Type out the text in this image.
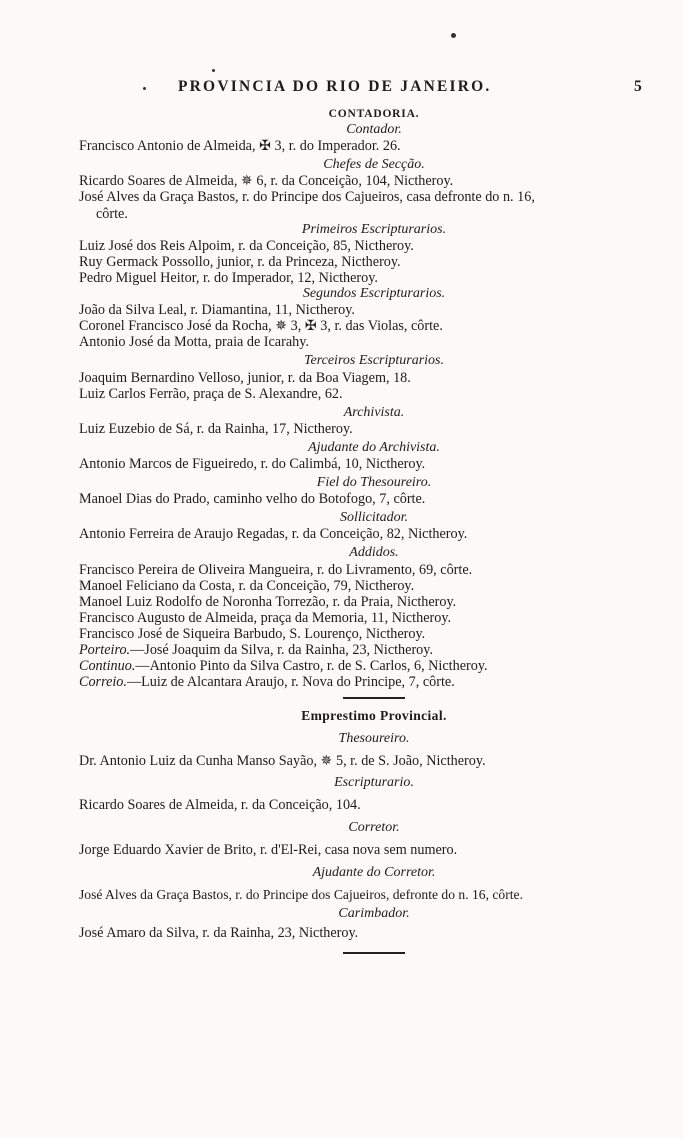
PROVINCIA DO RIO DE JANEIRO.	5
CONTADORIA.
Contador.
Francisco Antonio de Almeida, ✠ 3, r. do Imperador. 26.
Chefes de Secção.
Ricardo Soares de Almeida, ✵ 6, r. da Conceição, 104, Nictheroy.
José Alves da Graça Bastos, r. do Principe dos Cajueiros, casa defronte do n. 16,
côrte.
Primeiros Escripturarios.
Luiz José dos Reis Alpoim, r. da Conceição, 85, Nictheroy.
Ruy Germack Possollo, junior, r. da Princeza, Nictheroy.
Pedro Miguel Heitor, r. do Imperador, 12, Nictheroy.
Segundos Escripturarios.
João da Silva Leal, r. Diamantina, 11, Nictheroy.
Coronel Francisco José da Rocha, ✵ 3, ✠ 3, r. das Violas, côrte.
Antonio José da Motta, praia de Icarahy.
Terceiros Escripturarios.
Joaquim Bernardino Velloso, junior, r. da Boa Viagem, 18.
Luiz Carlos Ferrão, praça de S. Alexandre, 62.
Archivista.
Luiz Euzebio de Sá, r. da Rainha, 17, Nictheroy.
Ajudante do Archivista.
Antonio Marcos de Figueiredo, r. do Calimbá, 10, Nictheroy.
Fiel do Thesoureiro.
Manoel Dias do Prado, caminho velho do Botofogo, 7, côrte.
Sollicitador.
Antonio Ferreira de Araujo Regadas, r. da Conceição, 82, Nictheroy.
Addidos.
Francisco Pereira de Oliveira Manguеira, r. do Livramento, 69, côrte.
Manoel Feliciano da Costa, r. da Conceição, 79, Nictheroy.
Manoel Luiz Rodolfo de Noronha Torrezão, r. da Praia, Nictheroy.
Francisco Augusto de Almeida, praça da Memoria, 11, Nictheroy.
Francisco José de Siqueira Barbudo, S. Lourenço, Nictheroy.
Porteiro.—José Joaquim da Silva, r. da Rainha, 23, Nictheroy.
Continuo.—Antonio Pinto da Silva Castro, r. de S. Carlos, 6, Nictheroy.
Correio.—Luiz de Alcantara Araujo, r. Nova do Principe, 7, côrte.
Emprestimo Provincial.
Thesoureiro.
Dr. Antonio Luiz da Cunha Manso Sayão, ✵ 5, r. de S. João, Nictheroy.
Escripturario.
Ricardo Soares de Almeida, r. da Conceição, 104.
Corretor.
Jorge Eduardo Xavier de Brito, r. d'El-Rei, casa nova sem numero.
Ajudante do Corretor.
José Alves da Graça Bastos, r. do Principe dos Cajueiros, defronte do n. 16, côrte.
Carimbador.
José Amaro da Silva, r. da Rainha, 23, Nictheroy.
